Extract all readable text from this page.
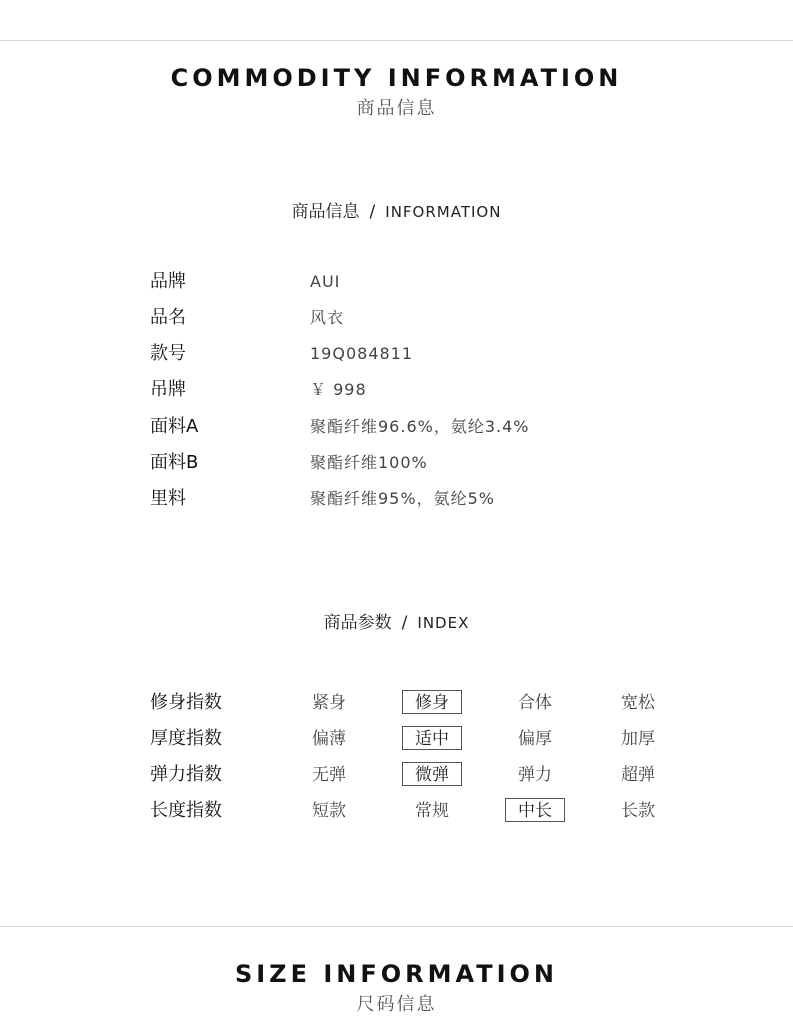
COMMODITY INFORMATION
商品信息
商品信息 / INFORMATION
品牌	AUI
品名	风衣
款号	19Q084811
吊牌	￥ 998
面料A	聚酯纤维96.6%，氨纶3.4%
面料B	聚酯纤维100%
里料	聚酯纤维95%，氨纶5%
商品参数 / INDEX
修身指数	紧身	修身	合体	宽松
厚度指数	偏薄	适中	偏厚	加厚
弹力指数	无弹	微弹	弹力	超弹
长度指数	短款	常规	中长	长款
SIZE INFORMATION
尺码信息
